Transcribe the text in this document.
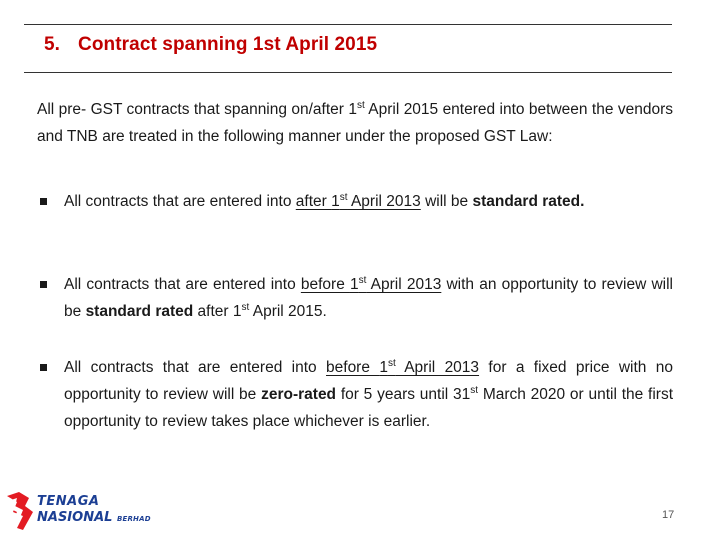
5. Contract spanning 1st April 2015
All pre- GST contracts that spanning on/after 1st April 2015 entered into between the vendors and TNB are treated in the following manner under the proposed GST Law:
All contracts that are entered into after 1st April 2013 will be standard rated.
All contracts that are entered into before 1st April 2013 with an opportunity to review will be standard rated after 1st April 2015.
All contracts that are entered into before 1st April 2013 for a fixed price with no opportunity to review will be zero-rated for 5 years until 31st March 2020 or until the first opportunity to review takes place whichever is earlier.
TENAGA
NASIONAL BERHAD	17
